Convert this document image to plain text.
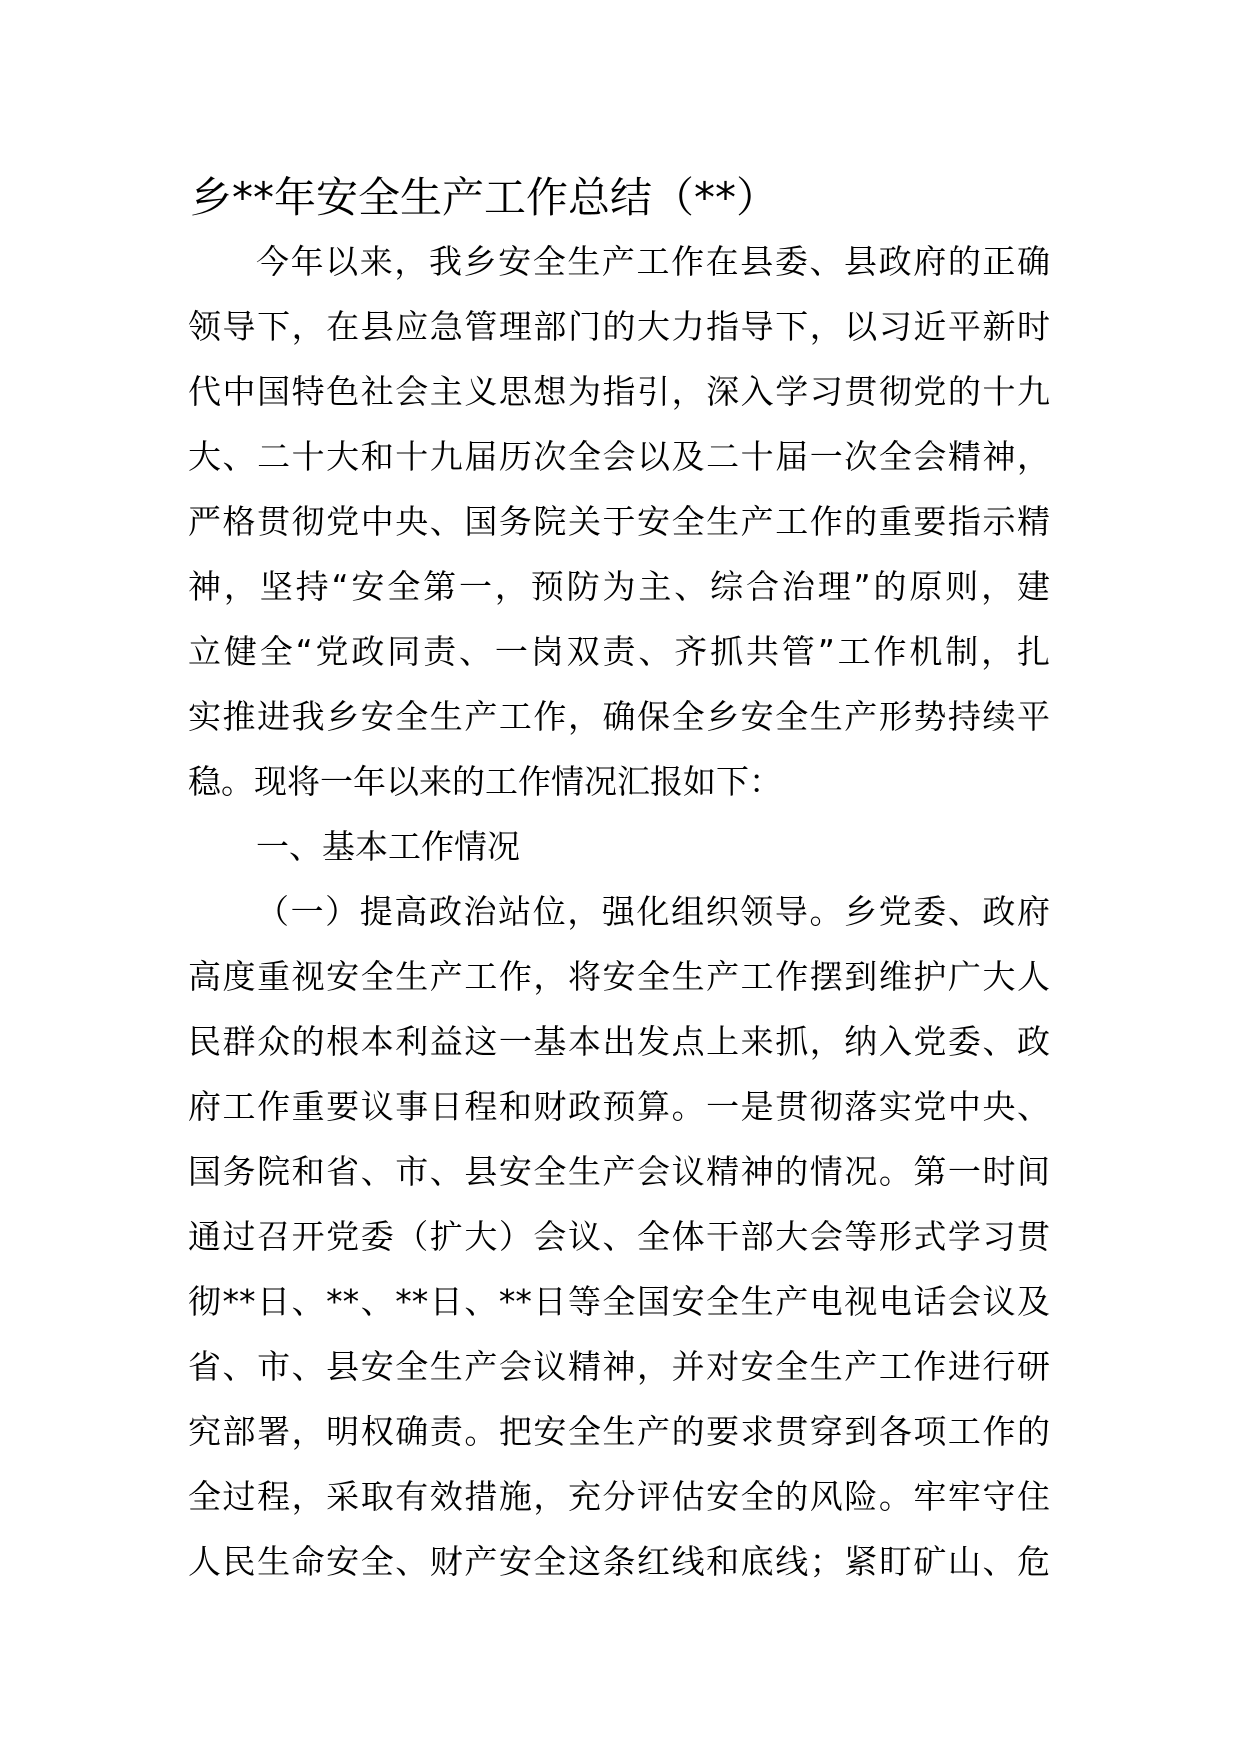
乡**年安全生产工作总结（**）
今年以来，我乡安全生产工作在县委、县政府的正确
领导下，在县应急管理部门的大力指导下，以习近平新时
代中国特色社会主义思想为指引，深入学习贯彻党的十九
大、二十大和十九届历次全会以及二十届一次全会精神，
严格贯彻党中央、国务院关于安全生产工作的重要指示精
神，坚持“安全第一，预防为主、综合治理”的原则，建
立健全“党政同责、一岗双责、齐抓共管”工作机制，扎
实推进我乡安全生产工作，确保全乡安全生产形势持续平
稳。现将一年以来的工作情况汇报如下：
一、基本工作情况
（一）提高政治站位，强化组织领导。乡党委、政府
高度重视安全生产工作，将安全生产工作摆到维护广大人
民群众的根本利益这一基本出发点上来抓，纳入党委、政
府工作重要议事日程和财政预算。一是贯彻落实党中央、
国务院和省、市、县安全生产会议精神的情况。第一时间
通过召开党委（扩大）会议、全体干部大会等形式学习贯
彻**日、**、**日、**日等全国安全生产电视电话会议及
省、市、县安全生产会议精神，并对安全生产工作进行研
究部署，明权确责。把安全生产的要求贯穿到各项工作的
全过程，采取有效措施，充分评估安全的风险。牢牢守住
人民生命安全、财产安全这条红线和底线；紧盯矿山、危
